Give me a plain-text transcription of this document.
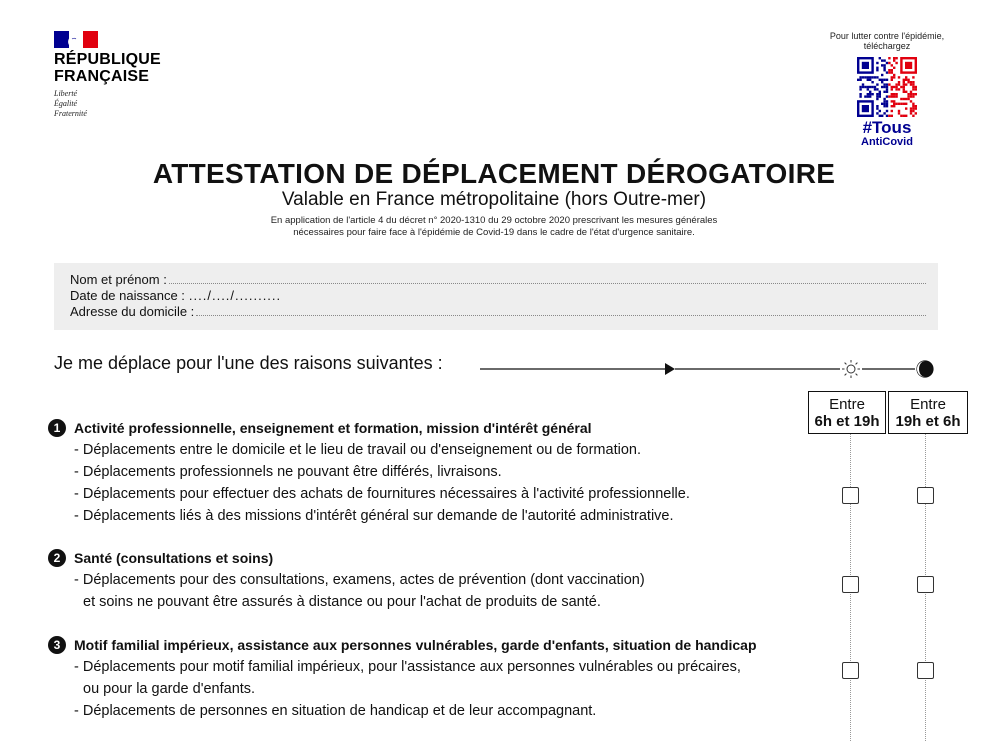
RÉPUBLIQUE
FRANÇAISE
Liberté
Égalité
Fraternité
Pour lutter contre l'épidémie,
téléchargez
#Tous
AntiCovid
ATTESTATION DE DÉPLACEMENT DÉROGATOIRE
Valable en France métropolitaine (hors Outre-mer)
En application de l'article 4 du décret n° 2020-1310 du 29 octobre 2020 prescrivant les mesures générales
nécessaires pour faire face à l'épidémie de Covid-19 dans le cadre de l'état d'urgence sanitaire.
Nom et prénom :
Date de naissance : ..../..../..........
Adresse du domicile :
Je me déplace pour l'une des raisons suivantes :
Entre
6h et 19h
Entre
19h et 6h
1 Activité professionnelle, enseignement et formation, mission d'intérêt général
- Déplacements entre le domicile et le lieu de travail ou d'enseignement ou de formation.
- Déplacements professionnels ne pouvant être différés, livraisons.
- Déplacements pour effectuer des achats de fournitures nécessaires à l'activité professionnelle.
- Déplacements liés à des missions d'intérêt général sur demande de l'autorité administrative.
2 Santé (consultations et soins)
- Déplacements pour des consultations, examens, actes de prévention (dont vaccination)
et soins ne pouvant être assurés à distance ou pour l'achat de produits de santé.
3 Motif familial impérieux, assistance aux personnes vulnérables, garde d'enfants, situation de handicap
- Déplacements pour motif familial impérieux, pour l'assistance aux personnes vulnérables ou précaires,
ou pour la garde d'enfants.
- Déplacements de personnes en situation de handicap et de leur accompagnant.
